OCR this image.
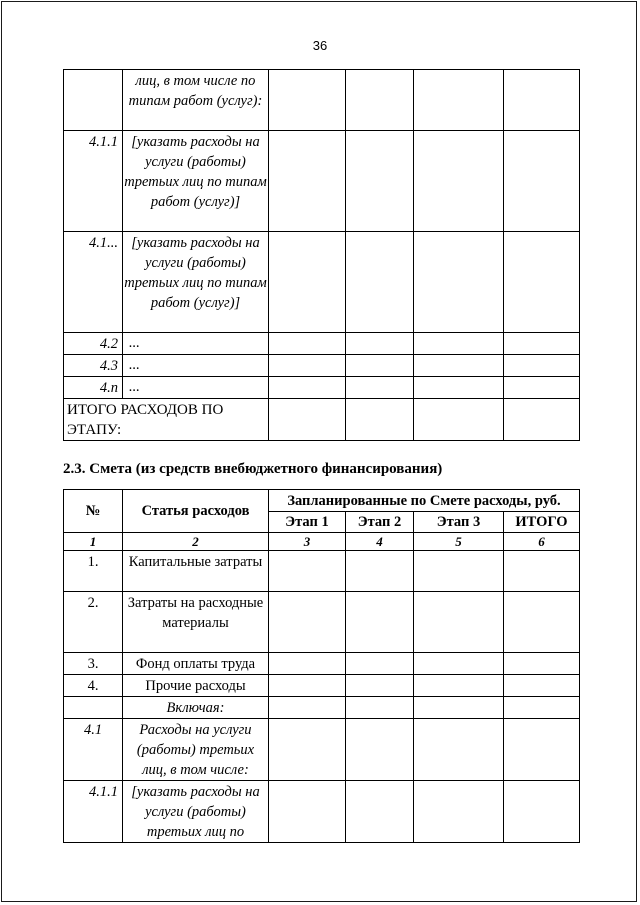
36
	лиц, в том числе по типам работ (услуг):				
4.1.1	[указать расходы на услуги (работы) третьих лиц по типам работ (услуг)]				
4.1...	[указать расходы на услуги (работы) третьих лиц по типам работ (услуг)]				
4.2	...				
4.3	...				
4.n	...				
ИТОГО РАСХОДОВ ПО ЭТАПУ:					
2.3. Смета (из средств внебюджетного финансирования)
№	Статья расходов	Запланированные по Смете расходы, руб.			
		Этап 1	Этап 2	Этап 3	ИТОГО
1	2	3	4	5	6
1.	Капитальные затраты				
2.	Затраты на расходные материалы				
3.	Фонд оплаты труда				
4.	Прочие расходы				
	Включая:				
4.1	Расходы на услуги (работы) третьих лиц, в том числе:				
4.1.1	[указать расходы на услуги (работы) третьих лиц по				
